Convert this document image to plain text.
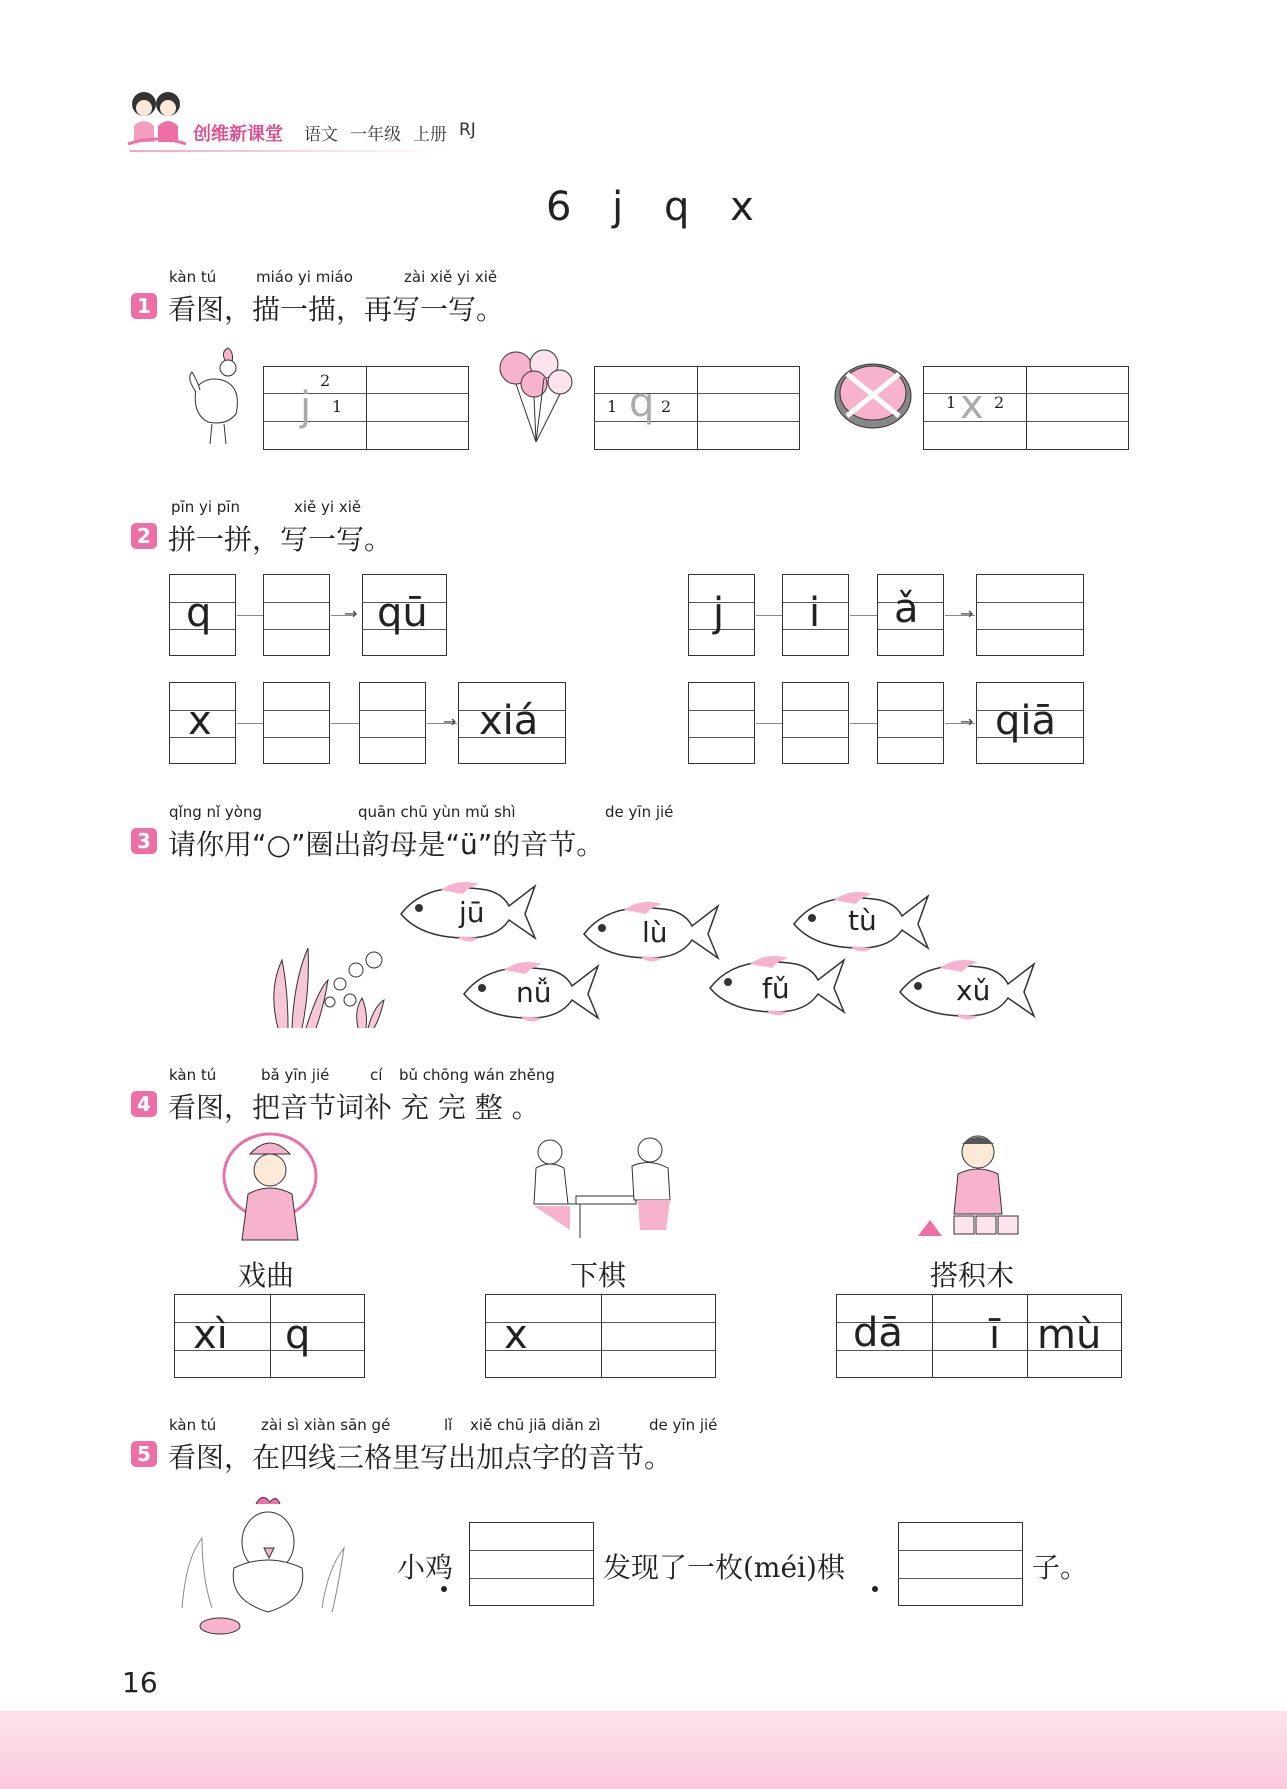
创维新课堂 语文 一年级 上册 RJ
6 j q x
kàn tú	miáo yi miáo	zài xiě yi xiě
1 看图，描一描，再写一写。
j
2
1	q
1	2	x
1 2
pīn yi pīn	xiě yi xiě
2 拼一拼，写一写。
q	→ qū	j i ǎ	→
x	→ xiá	→ qiā
qǐng nǐ yòng	quān chū yùn mǔ shì	de yīn jié
3 请你用“○”圈出韵母是“ü”的音节。
jū
lù	tù
nǚ	fǔ	xǔ
kàn tú	bǎ yīn jié	cí bǔ chōng wán zhěng
4 看图，把音节词补 充 完 整 。
戏曲	下棋	搭积木
xì q	x	dā ī mù
kàn tú	zài sì xiàn sān gé	lǐ xiě chū jiā diǎn zì	de yīn jié
5 看图，在四线三格里写出加点字的音节。
小鸡	发现了一枚(méi)棋	子。
16
